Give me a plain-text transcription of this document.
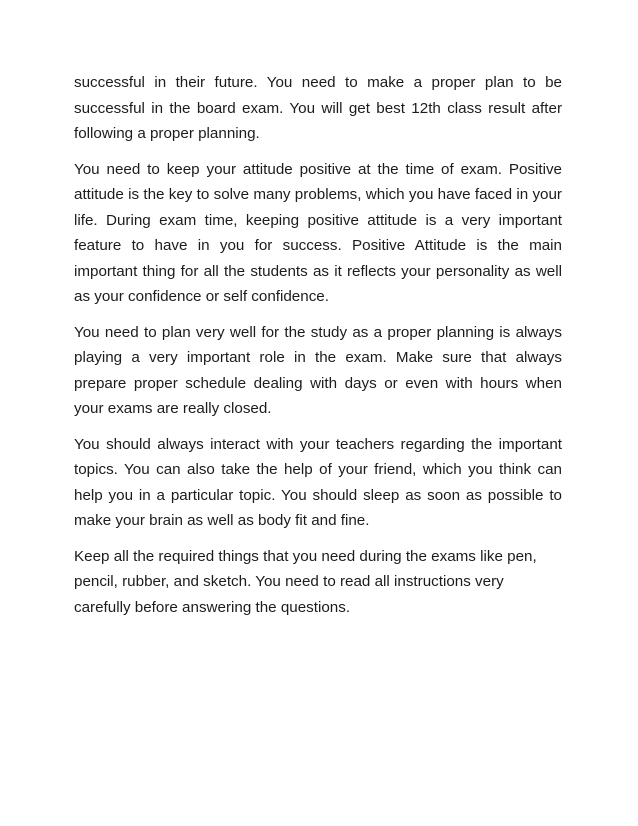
successful in their future. You need to make a proper plan to be successful in the board exam. You will get best 12th class result after following a proper planning.

You need to keep your attitude positive at the time of exam. Positive attitude is the key to solve many problems, which you have faced in your life. During exam time, keeping positive attitude is a very important feature to have in you for success. Positive Attitude is the main important thing for all the students as it reflects your personality as well as your confidence or self confidence.

You need to plan very well for the study as a proper planning is always playing a very important role in the exam. Make sure that always prepare proper schedule dealing with days or even with hours when your exams are really closed.

You should always interact with your teachers regarding the important topics. You can also take the help of your friend, which you think can help you in a particular topic. You should sleep as soon as possible to make your brain as well as body fit and fine.

Keep all the required things that you need during the exams like pen, pencil, rubber, and sketch. You need to read all instructions very carefully before answering the questions.
